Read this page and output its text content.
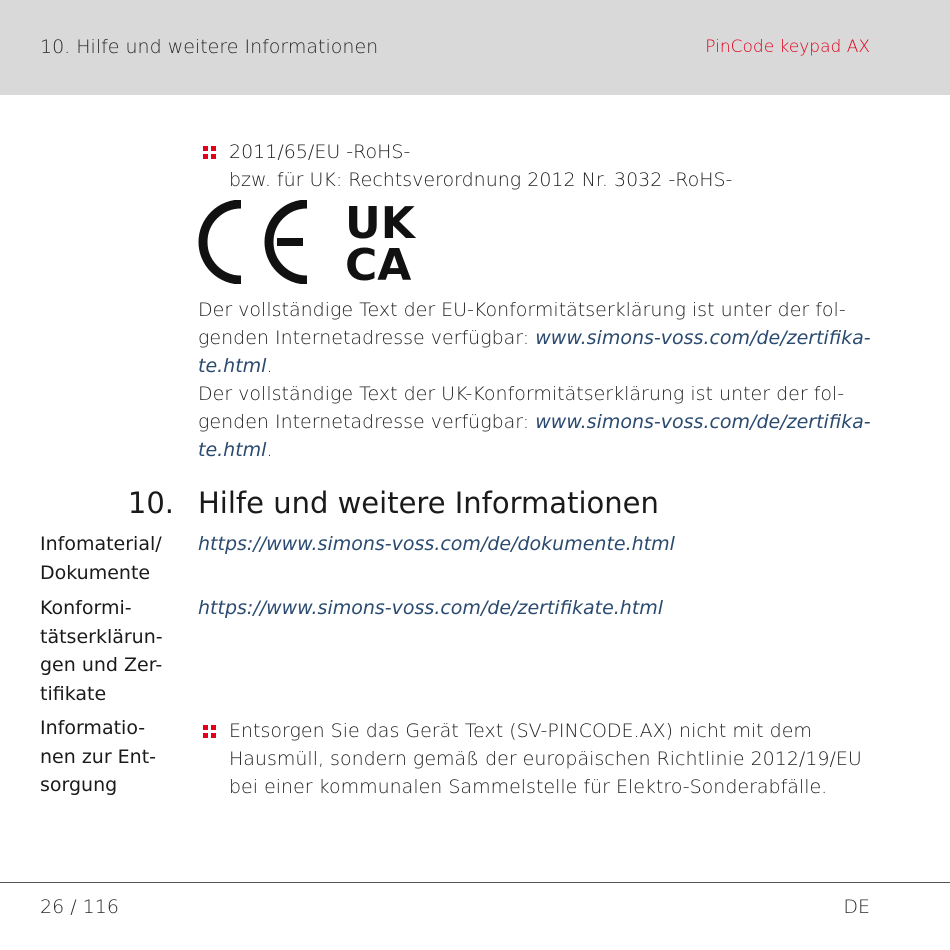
10. Hilfe und weitere Informationen	PinCode keypad AX
2011/65/EU -RoHS-
bzw. für UK: Rechtsverordnung 2012 Nr. 3032 -RoHS-
UK
CA
Der vollständige Text der EU-Konformitätserklärung ist unter der fol-
genden Internetadresse verfügbar: www.simons-voss.com/de/zertifika-
te.html.
Der vollständige Text der UK-Konformitätserklärung ist unter der fol-
genden Internetadresse verfügbar: www.simons-voss.com/de/zertifika-
te.html.
10. Hilfe und weitere Informationen
Infomaterial/
Dokumente
https://www.simons-voss.com/de/dokumente.html
Konformi-
tätserklärun-
gen und Zer-
tifikate
https://www.simons-voss.com/de/zertifikate.html
Informatio-
nen zur Ent-
sorgung
Entsorgen Sie das Gerät Text (SV-PINCODE.AX) nicht mit dem
Hausmüll, sondern gemäß der europäischen Richtlinie 2012/19/EU
bei einer kommunalen Sammelstelle für Elektro-Sonderabfälle.
26 / 116	DE
